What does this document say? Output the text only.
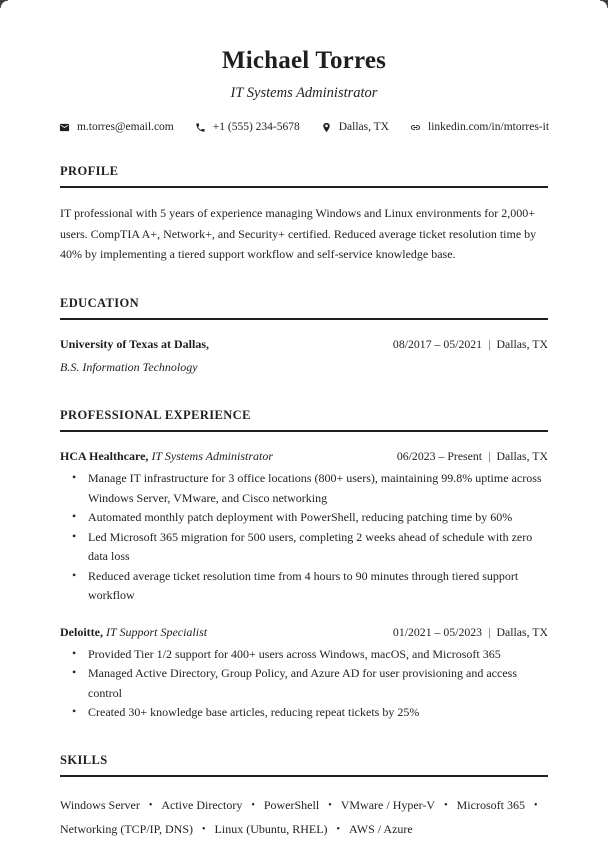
Michael Torres
IT Systems Administrator
m.torres@email.com	+1 (555) 234-5678	Dallas, TX	linkedin.com/in/mtorres-it
PROFILE
IT professional with 5 years of experience managing Windows and Linux environments for 2,000+ users. CompTIA A+, Network+, and Security+ certified. Reduced average ticket resolution time by 40% by implementing a tiered support workflow and self-service knowledge base.
EDUCATION
University of Texas at Dallas,	08/2017 – 05/2021 | Dallas, TX
B.S. Information Technology
PROFESSIONAL EXPERIENCE
HCA Healthcare, IT Systems Administrator	06/2023 – Present | Dallas, TX
• Manage IT infrastructure for 3 office locations (800+ users), maintaining 99.8% uptime across Windows Server, VMware, and Cisco networking
• Automated monthly patch deployment with PowerShell, reducing patching time by 60%
• Led Microsoft 365 migration for 500 users, completing 2 weeks ahead of schedule with zero data loss
• Reduced average ticket resolution time from 4 hours to 90 minutes through tiered support workflow
Deloitte, IT Support Specialist	01/2021 – 05/2023 | Dallas, TX
• Provided Tier 1/2 support for 400+ users across Windows, macOS, and Microsoft 365
• Managed Active Directory, Group Policy, and Azure AD for user provisioning and access control
• Created 30+ knowledge base articles, reducing repeat tickets by 25%
SKILLS
Windows Server • Active Directory • PowerShell • VMware / Hyper-V • Microsoft 365 •Networking (TCP/IP, DNS) • Linux (Ubuntu, RHEL) • AWS / Azure
